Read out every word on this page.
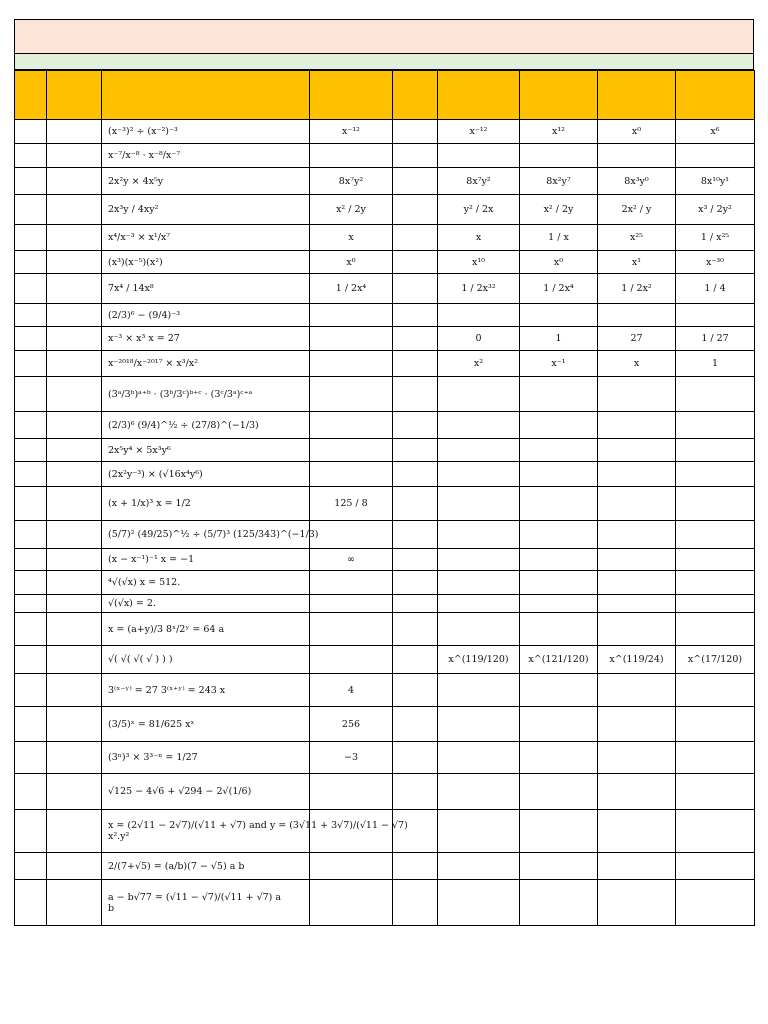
		(x⁻³)² ÷ (x⁻²)⁻³	x⁻¹²		x⁻¹²	x¹²	x⁰	x⁶
		x⁻⁷/x⁻⁸ · x⁻⁸/x⁻⁷						
		2x²y × 4x⁵y	8x⁷y²		8x⁷y²	8x²y⁷	8x³y⁰	8x¹⁰y¹
		2x³y / 4xy²	x² / 2y		y² / 2x	x² / 2y	2x² / y	x³ / 2y²
		x⁴/x⁻³ × x¹/x⁷	x		x	1 / x	x²⁵	1 / x²⁵
		(x³)(x⁻⁵)(x²)	x⁰		x¹⁰	x⁰	x¹	x⁻³⁰
		7x⁴ / 14x⁸	1 / 2x⁴		1 / 2x³²	1 / 2x⁴	1 / 2x²	1 / 4
		(2/3)⁶ − (9/4)⁻³						
		x⁻³ × x³ x = 27			0	1	27	1 / 27
		x⁻²⁰¹⁸/x⁻²⁰¹⁷ × x³/x²			x²	x⁻¹	x	1
		(3ᵃ/3ᵇ)ᵃ⁺ᵇ · (3ᵇ/3ᶜ)ᵇ⁺ᶜ · (3ᶜ/3ᵃ)ᶜ⁺ᵃ						
		(2/3)⁶ (9/4)^½ ÷ (27/8)^(−1/3)						
		2x⁵y⁴ × 5x³y⁶						
		(2x²y⁻³) × (√16x⁴y⁶)						
		(x + 1/x)³ x = 1/2	125 / 8					
		(5/7)² (49/25)^½ ÷ (5/7)³ (125/343)^(−1/3)						
		(x − x⁻¹)⁻¹ x = −1	∞					
		⁴√(√x) x = 512.						
		√(√x) = 2.						
		x = (a+y)/3 8ˣ/2ʸ = 64 a						
		√( √( √( √ ) ) )			x^(119/120)	x^(121/120)	x^(119/24)	x^(17/120)
		3⁽ˣ⁻ʸ⁾ = 27 3⁽ˣ⁺ʸ⁾ = 243 x	4					
		(3/5)ˣ = 81/625 xˣ	256					
		(3ⁿ)³ × 3³⁻ⁿ = 1/27	−3					
		√125 − 4√6 + √294 − 2√(1/6)						
		x = (2√11 − 2√7)/(√11 + √7) and y = (3√11 + 3√7)/(√11 − √7)
x².y²						
		2/(7+√5) = (a/b)(7 − √5) a b						
		a − b√77 = (√11 − √7)/(√11 + √7) a
b						
